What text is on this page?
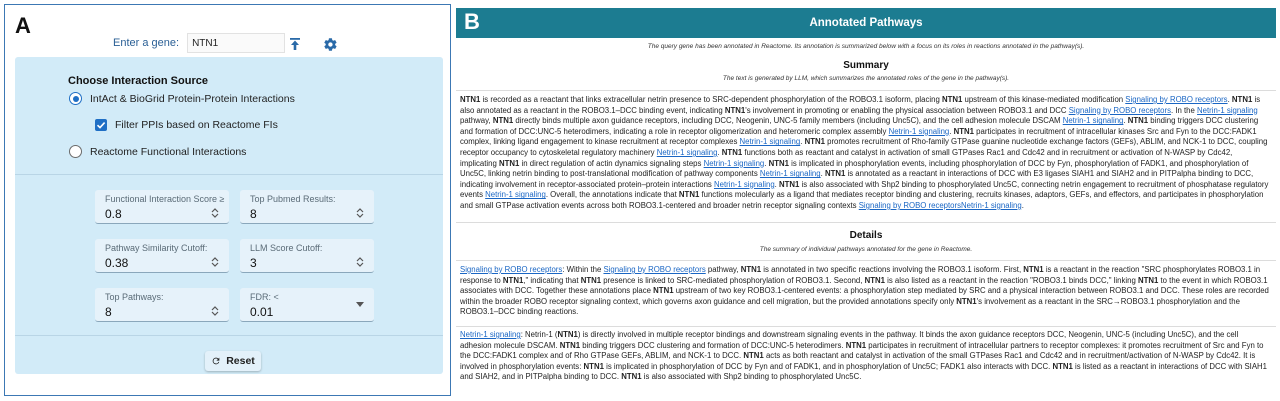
A
Enter a gene:
NTN1
Choose Interaction Source
IntAct & BioGrid Protein-Protein Interactions
Filter PPIs based on Reactome FIs
Reactome Functional Interactions
Functional Interaction Score ≥
0.8
Top Pubmed Results:
8
Pathway Similarity Cutoff:
0.38
LLM Score Cutoff:
3
Top Pathways:
8
FDR: <
0.01
Reset
B	Annotated Pathways
The query gene has been annotated in Reactome. Its annotation is summarized below with a focus on its roles in reactions annotated in the pathway(s).
Summary
The text is generated by LLM, which summarizes the annotated roles of the gene in the pathway(s).
NTN1 is recorded as a reactant that links extracellular netrin presence to SRC-dependent phosphorylation of the ROBO3.1 isoform, placing NTN1 upstream of this kinase-mediated modification Signaling by ROBO receptors. NTN1 is also annotated as a reactant in the ROBO3.1–DCC binding event, indicating NTN1's involvement in promoting or enabling the physical association between ROBO3.1 and DCC Signaling by ROBO receptors. In the Netrin-1 signaling pathway, NTN1 directly binds multiple axon guidance receptors, including DCC, Neogenin, UNC-5 family members (including Unc5C), and the cell adhesion molecule DSCAM Netrin-1 signaling. NTN1 binding triggers DCC clustering and formation of DCC:UNC-5 heterodimers, indicating a role in receptor oligomerization and heteromeric complex assembly Netrin-1 signaling. NTN1 participates in recruitment of intracellular kinases Src and Fyn to the DCC:FADK1 complex, linking ligand engagement to kinase recruitment at receptor complexes Netrin-1 signaling. NTN1 promotes recruitment of Rho-family GTPase guanine nucleotide exchange factors (GEFs), ABLIM, and NCK-1 to DCC, coupling receptor occupancy to cytoskeletal regulatory machinery Netrin-1 signaling. NTN1 functions both as reactant and catalyst in activation of small GTPases Rac1 and Cdc42 and in recruitment or activation of N-WASP by Cdc42, implicating NTN1 in direct regulation of actin dynamics signaling steps Netrin-1 signaling. NTN1 is implicated in phosphorylation events, including phosphorylation of DCC by Fyn, phosphorylation of FADK1, and phosphorylation of Unc5C, linking netrin binding to post-translational modification of pathway components Netrin-1 signaling. NTN1 is annotated as a reactant in interactions of DCC with E3 ligases SIAH1 and SIAH2 and in PITPalpha binding to DCC, indicating involvement in receptor-associated protein–protein interactions Netrin-1 signaling. NTN1 is also associated with Shp2 binding to phosphorylated Unc5C, connecting netrin engagement to recruitment of phosphatase regulatory events Netrin-1 signaling. Overall, the annotations indicate that NTN1 functions molecularly as a ligand that mediates receptor binding and clustering, recruits kinases, adaptors, GEFs, and effectors, and participates in phosphorylation and small GTPase activation events across both ROBO3.1-centered and broader netrin receptor signaling contexts Signaling by ROBO receptorsNetrin-1 signaling.
Details
The summary of individual pathways annotated for the gene in Reactome.
Signaling by ROBO receptors: Within the Signaling by ROBO receptors pathway, NTN1 is annotated in two specific reactions involving the ROBO3.1 isoform. First, NTN1 is a reactant in the reaction "SRC phosphorylates ROBO3.1 in response to NTN1," indicating that NTN1 presence is linked to SRC-mediated phosphorylation of ROBO3.1. Second, NTN1 is also listed as a reactant in the reaction "ROBO3.1 binds DCC," linking NTN1 to the event in which ROBO3.1 associates with DCC. Together these annotations place NTN1 upstream of two key ROBO3.1-centered events: a phosphorylation step mediated by SRC and a physical interaction between ROBO3.1 and DCC. These roles are recorded within the broader ROBO receptor signaling context, which governs axon guidance and cell migration, but the provided annotations specify only NTN1's involvement as a reactant in the SRC→ROBO3.1 phosphorylation and the ROBO3.1–DCC binding reactions.
Netrin-1 signaling: Netrin-1 (NTN1) is directly involved in multiple receptor bindings and downstream signaling events in the pathway. It binds the axon guidance receptors DCC, Neogenin, UNC-5 (including Unc5C), and the cell adhesion molecule DSCAM. NTN1 binding triggers DCC clustering and formation of DCC:UNC-5 heterodimers. NTN1 participates in recruitment of intracellular partners to receptor complexes: it promotes recruitment of Src and Fyn to the DCC:FADK1 complex and of Rho GTPase GEFs, ABLIM, and NCK-1 to DCC. NTN1 acts as both reactant and catalyst in activation of the small GTPases Rac1 and Cdc42 and in recruitment/activation of N-WASP by Cdc42. It is involved in phosphorylation events: NTN1 is implicated in phosphorylation of DCC by Fyn and of FADK1, and in phosphorylation of Unc5C; FADK1 also interacts with DCC. NTN1 is listed as a reactant in interactions of DCC with SIAH1 and SIAH2, and in PITPalpha binding to DCC. NTN1 is also associated with Shp2 binding to phosphorylated Unc5C.
